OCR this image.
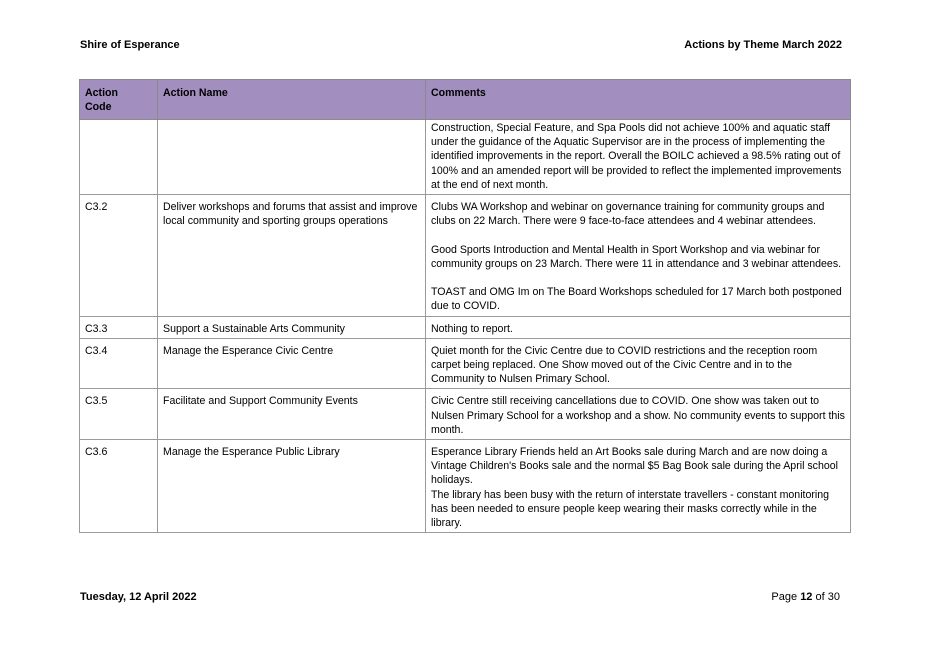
Shire of Esperance	Actions by Theme March 2022
Action
Code	Action Name	Comments

		Construction, Special Feature, and Spa Pools did not achieve 100% and aquatic staff under the guidance of the Aquatic Supervisor are in the process of implementing the identified improvements in the report. Overall the BOILC achieved a 98.5% rating out of 100% and an amended report will be provided to reflect the implemented improvements at the end of next month.

C3.2	Deliver workshops and forums that assist and improve local community and sporting groups operations	Clubs WA Workshop and webinar on governance training for community groups and clubs on 22 March. There were 9 face-to-face attendees and 4 webinar attendees.
Good Sports Introduction and Mental Health in Sport Workshop and via webinar for community groups on 23 March. There were 11 in attendance and 3 webinar attendees.
TOAST and OMG Im on The Board Workshops scheduled for 17 March both postponed due to COVID.

C3.3	Support a Sustainable Arts Community	Nothing to report.

C3.4	Manage the Esperance Civic Centre	Quiet month for the Civic Centre due to COVID restrictions and the reception room carpet being replaced. One Show moved out of the Civic Centre and in to the Community to Nulsen Primary School.

C3.5	Facilitate and Support Community Events	Civic Centre still receiving cancellations due to COVID. One show was taken out to Nulsen Primary School for a workshop and a show. No community events to support this month.

C3.6	Manage the Esperance Public Library	Esperance Library Friends held an Art Books sale during March and are now doing a Vintage Children's Books sale and the normal $5 Bag Book sale during the April school holidays.
The library has been busy with the return of interstate travellers - constant monitoring has been needed to ensure people keep wearing their masks correctly while in the library.
Tuesday, 12 April 2022	Page 12 of 30
